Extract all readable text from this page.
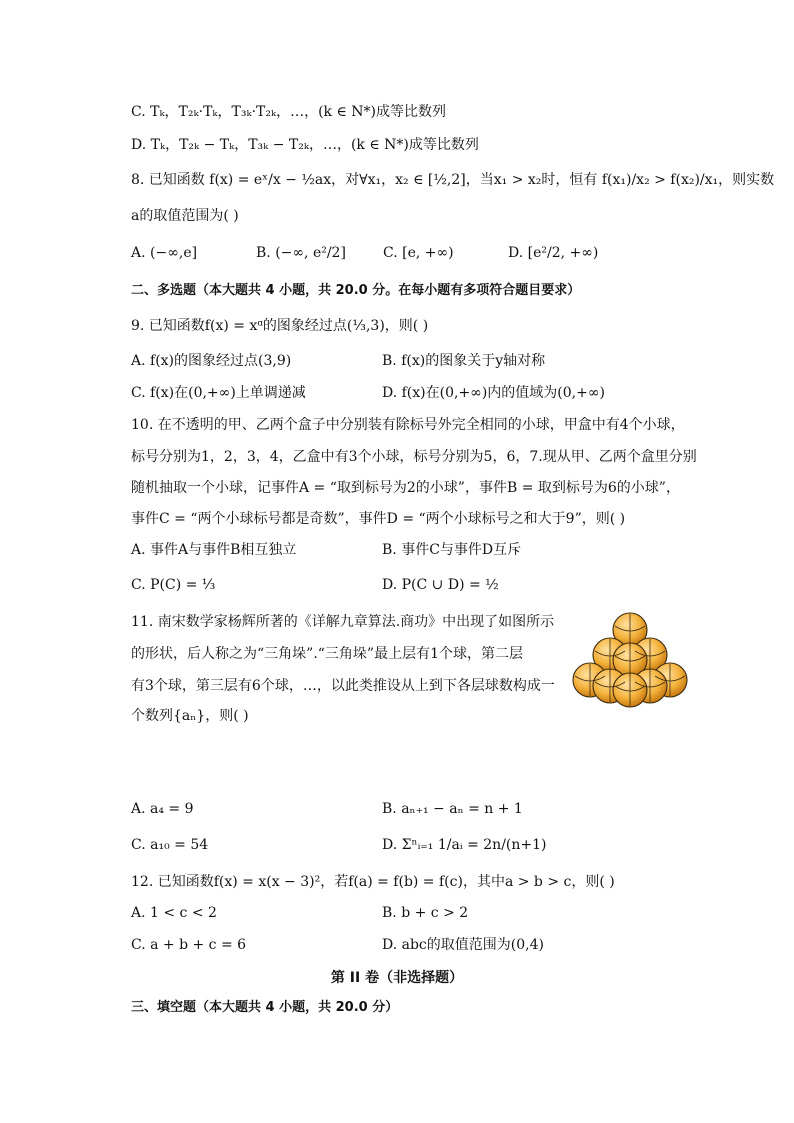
C. Tₖ，T₂ₖ·Tₖ，T₃ₖ·T₂ₖ，…，(k ∈ N*)成等比数列
D. Tₖ，T₂ₖ − Tₖ，T₃ₖ − T₂ₖ，…，(k ∈ N*)成等比数列
8. 已知函数 f(x) = eˣ/x − ½ax，对∀x₁，x₂ ∈ [½,2]，当x₁ > x₂时，恒有 f(x₁)/x₂ > f(x₂)/x₁，则实数
a的取值范围为( )
A. (−∞,e]	B. (−∞, e²/2]	C. [e, +∞)	D. [e²/2, +∞)
二、多选题（本大题共 4 小题，共 20.0 分。在每小题有多项符合题目要求）
9. 已知函数f(x) = xᵅ的图象经过点(⅓,3)，则( )
A. f(x)的图象经过点(3,9)	B. f(x)的图象关于y轴对称
C. f(x)在(0,+∞)上单调递减	D. f(x)在(0,+∞)内的值域为(0,+∞)
10. 在不透明的甲、乙两个盒子中分别装有除标号外完全相同的小球，甲盒中有4个小球，
标号分别为1，2，3，4，乙盒中有3个小球，标号分别为5，6，7.现从甲、乙两个盒里分别
随机抽取一个小球，记事件A = “取到标号为2的小球”，事件B = 取到标号为6的小球”，
事件C = “两个小球标号都是奇数”，事件D = “两个小球标号之和大于9”，则( )
A. 事件A与事件B相互独立	B. 事件C与事件D互斥
C. P(C) = ⅓	D. P(C ∪ D) = ½
11. 南宋数学家杨辉所著的《详解九章算法.商功》中出现了如图所示
的形状，后人称之为“三角垛”.“三角垛”最上层有1个球，第二层
有3个球，第三层有6个球，…，以此类推设从上到下各层球数构成一
个数列{aₙ}，则( )
A. a₄ = 9	B. aₙ₊₁ − aₙ = n + 1
C. a₁₀ = 54	D. Σⁿᵢ₌₁ 1/aᵢ = 2n/(n+1)
12. 已知函数f(x) = x(x − 3)²，若f(a) = f(b) = f(c)，其中a > b > c，则( )
A. 1 < c < 2	B. b + c > 2
C. a + b + c = 6	D. abc的取值范围为(0,4)
第 II 卷（非选择题）
三、填空题（本大题共 4 小题，共 20.0 分）
